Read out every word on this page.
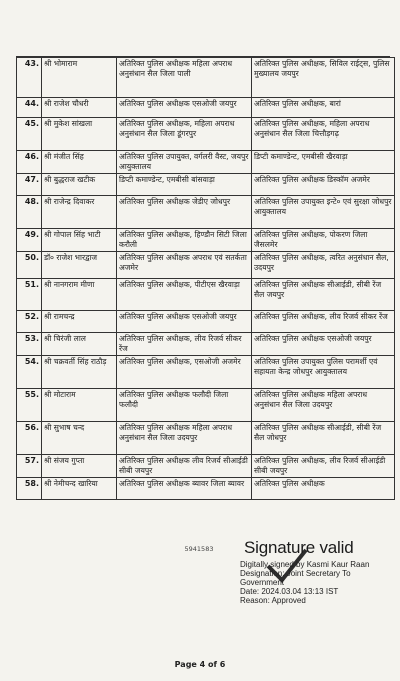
43.	श्री भोमाराम	अतिरिक्त पुलिस अधीक्षक महिला अपराध अनुसंधान सैल जिला पाली	अतिरिक्त पुलिस अधीक्षक, सिविल राईट्स, पुलिस मुख्यालय जयपुर
44.	श्री राजेश चौधरी	अतिरिक्त पुलिस अधीक्षक एसओजी जयपुर	अतिरिक्त पुलिस अधीक्षक, बारां
45.	श्री मुकेश सांखला	अतिरिक्त पुलिस अधीक्षक, महिला अपराध अनुसंधान सैल जिला डूंगरपुर	अतिरिक्त पुलिस अधीक्षक, महिला अपराध अनुसंधान सैल जिला चित्तौड़गढ़
46.	श्री मंजीत सिंह	अतिरिक्त पुलिस उपायुक्त, वर्गलरी वैस्ट, जयपुर आयुक्तालय	डिप्टी कमाण्डेन्ट, एमबीसी खैरवाड़ा
47.	श्री बुद्धराज खटीक	डिप्टी कमाण्डेन्ट, एमबीसी बांसवाड़ा	अतिरिक्त पुलिस अधीक्षक डिस्कॉम अजमेर
48.	श्री राजेन्द्र दिवाकर	अतिरिक्त पुलिस अधीक्षक जेडीए जोधपुर	अतिरिक्त पुलिस उपायुक्त इन्टे० एवं सुरक्षा जोधपुर आयुक्तालय
49.	श्री गोपाल सिंह भाटी	अतिरिक्त पुलिस अधीक्षक, हिण्डौन सिटी जिला करौली	अतिरिक्त पुलिस अधीक्षक, पोकरण जिला जैसलमेर
50.	डॉ० राजेश भारद्वाज	अतिरिक्त पुलिस अधीक्षक अपराध एवं सतर्कता अजमेर	अतिरिक्त पुलिस अधीक्षक, त्वरित अनुसंधान सैल, उदयपुर
51.	श्री नानगराम मीणा	अतिरिक्त पुलिस अधीक्षक, पीटीएस खैरवाड़ा	अतिरिक्त पुलिस अधीक्षक सीआईडी, सीबी रेंज सैल जयपुर
52.	श्री रामचन्द्र	अतिरिक्त पुलिस अधीक्षक एसओजी जयपुर	अतिरिक्त पुलिस अधीक्षक, लीव रिजर्व सीकर रेंज
53.	श्री चिरंजी लाल	अतिरिक्त पुलिस अधीक्षक, लीव रिजर्व सीकर रेंज	अतिरिक्त पुलिस अधीक्षक एसओजी जयपुर
54.	श्री चक्रवर्ती सिंह राठौड़	अतिरिक्त पुलिस अधीक्षक, एसओजी अजमेर	अतिरिक्त पुलिस उपायुक्त पुलिस परामर्शी एवं सहायता केन्द्र जोधपुर आयुक्तालय
55.	श्री मोटाराम	अतिरिक्त पुलिस अधीक्षक फलौदी जिला फलौदी	अतिरिक्त पुलिस अधीक्षक महिला अपराध अनुसंधान सैल जिला उदयपुर
56.	श्री सुभाष चन्द	अतिरिक्त पुलिस अधीक्षक महिला अपराध अनुसंधान सैल जिला उदयपुर	अतिरिक्त पुलिस अधीक्षक सीआईडी, सीबी रेंज सैल जोधपुर
57.	श्री संजय गुप्ता	अतिरिक्त पुलिस अधीक्षक लीव रिजर्व सीआईडी सीबी जयपुर	अतिरिक्त पुलिस अधीक्षक, लीव रिजर्व सीआईडी सीबी जयपुर
58.	श्री नेमीचन्द खारिया	अतिरिक्त पुलिस अधीक्षक ब्यावर जिला ब्यावर	अतिरिक्त पुलिस अधीक्षक
5941583	Signature valid
Digitally signed by Kasmi Kaur Raan
Designation: Joint Secretary To
Government
Date: 2024.03.04 13:13 IST
Reason: Approved
Page 4 of 6
